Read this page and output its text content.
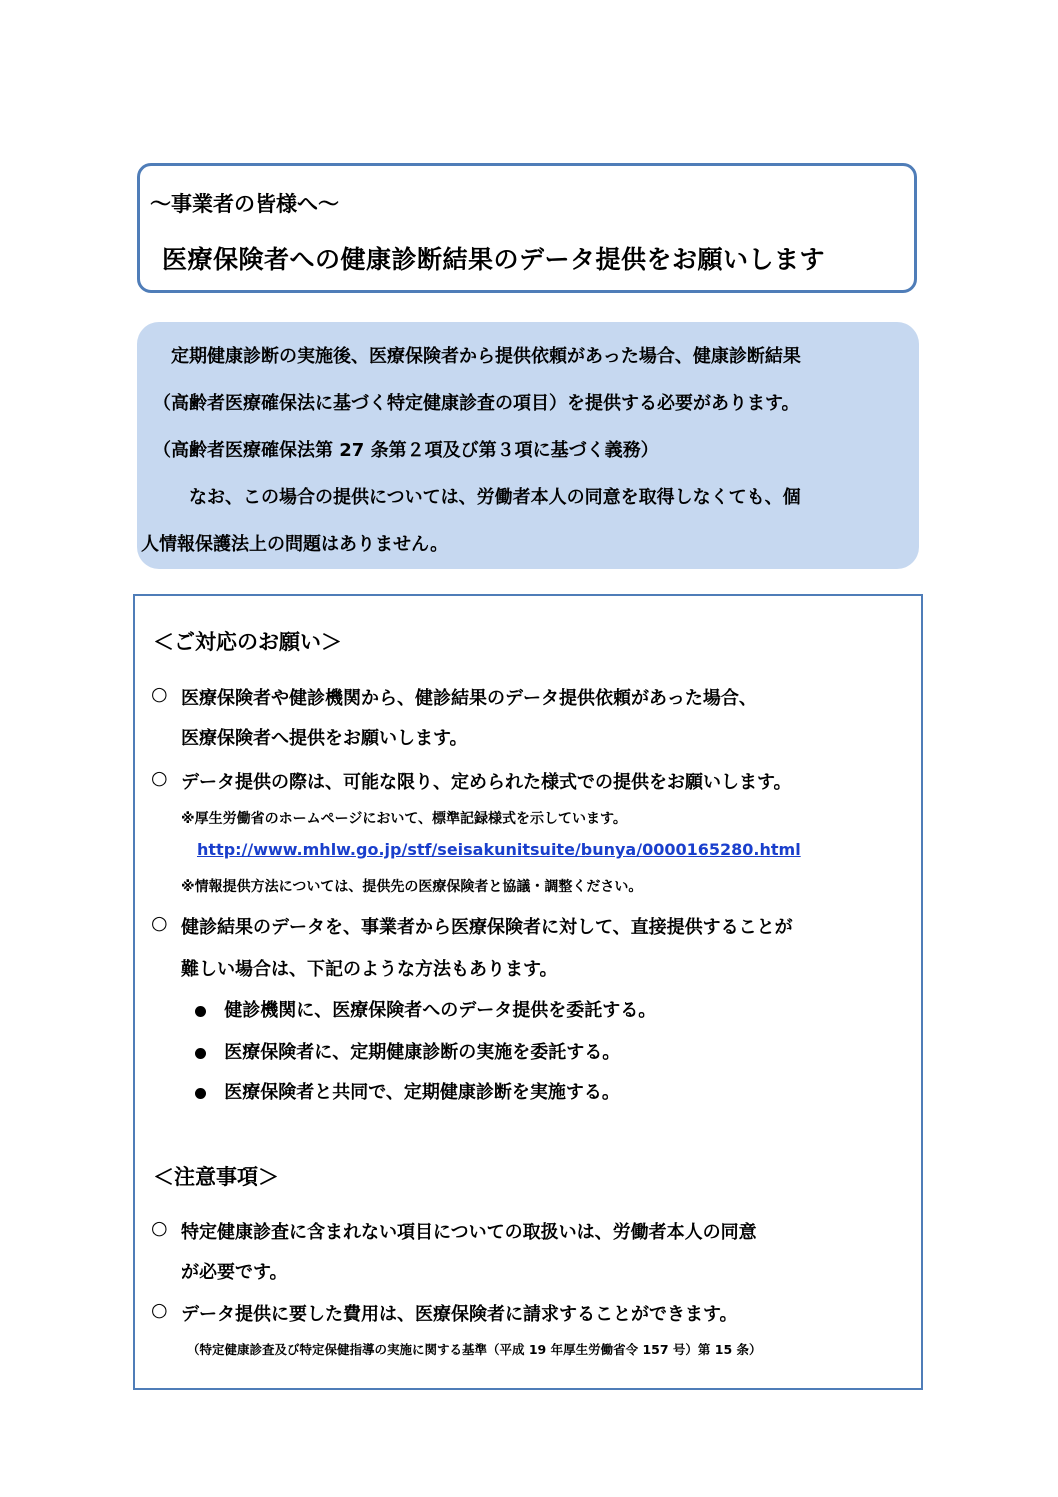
～事業者の皆様へ～
医療保険者への健康診断結果のデータ提供をお願いします
定期健康診断の実施後、医療保険者から提供依頼があった場合、健康診断結果
（高齢者医療確保法に基づく特定健康診査の項目）を提供する必要があります。
（高齢者医療確保法第 27 条第２項及び第３項に基づく義務）
なお、この場合の提供については、労働者本人の同意を取得しなくても、個
人情報保護法上の問題はありません。
＜ご対応のお願い＞
○ 医療保険者や健診機関から、健診結果のデータ提供依頼があった場合、
医療保険者へ提供をお願いします。
○ データ提供の際は、可能な限り、定められた様式での提供をお願いします。
※厚生労働省のホームページにおいて、標準記録様式を示しています。
http://www.mhlw.go.jp/stf/seisakunitsuite/bunya/0000165280.html
※情報提供方法については、提供先の医療保険者と協議・調整ください。
○ 健診結果のデータを、事業者から医療保険者に対して、直接提供することが
難しい場合は、下記のような方法もあります。
健診機関に、医療保険者へのデータ提供を委託する。
医療保険者に、定期健康診断の実施を委託する。
医療保険者と共同で、定期健康診断を実施する。
＜注意事項＞
○ 特定健康診査に含まれない項目についての取扱いは、労働者本人の同意
が必要です。
○ データ提供に要した費用は、医療保険者に請求することができます。
（特定健康診査及び特定保健指導の実施に関する基準（平成 19 年厚生労働省令 157 号）第 15 条）
